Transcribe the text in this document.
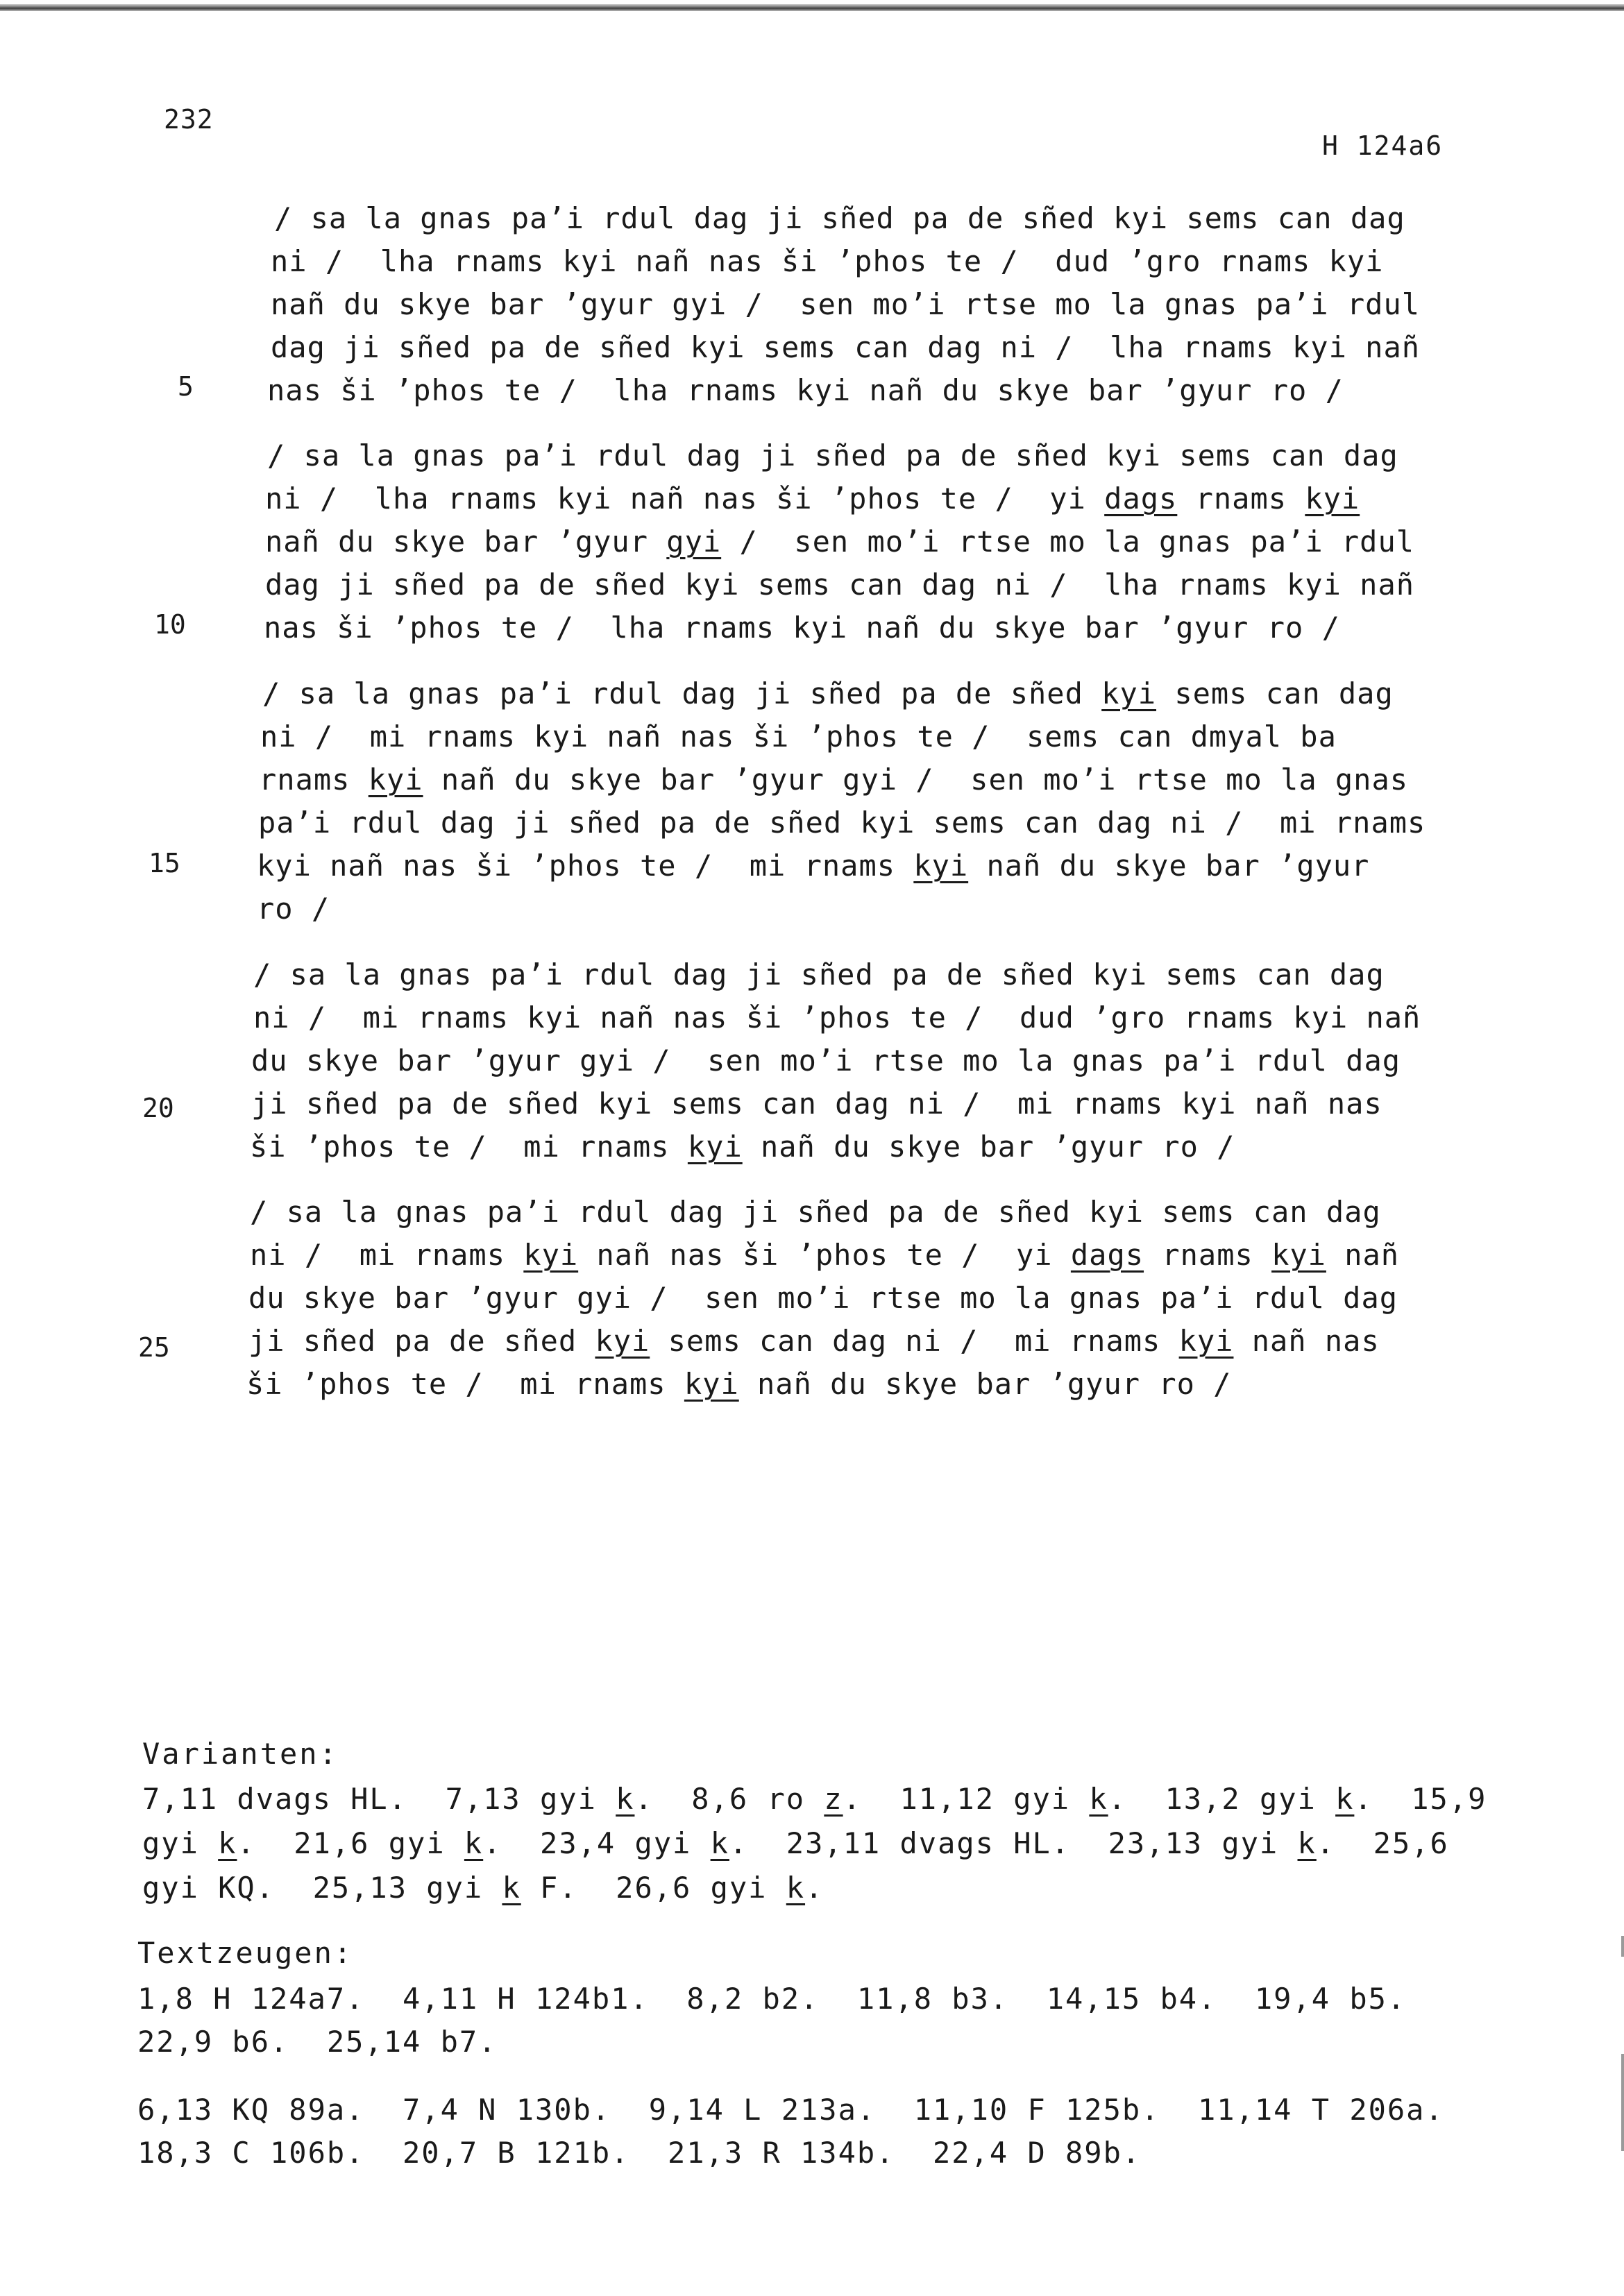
232
H 124a6
5
10
15
20
25
/ sa la gnas pa’i rdul dag ji sñed pa de sñed kyi sems can dag
ni /  lha rnams kyi nañ nas ši ’phos te /  dud ’gro rnams kyi
nañ du skye bar ’gyur gyi /  sen mo’i rtse mo la gnas pa’i rdul
dag ji sñed pa de sñed kyi sems can dag ni /  lha rnams kyi nañ
nas ši ’phos te /  lha rnams kyi nañ du skye bar ’gyur ro /
/ sa la gnas pa’i rdul dag ji sñed pa de sñed kyi sems can dag
ni /  lha rnams kyi nañ nas ši ’phos te /  yi dags rnams kyi
nañ du skye bar ’gyur gyi /  sen mo’i rtse mo la gnas pa’i rdul
dag ji sñed pa de sñed kyi sems can dag ni /  lha rnams kyi nañ
nas ši ’phos te /  lha rnams kyi nañ du skye bar ’gyur ro /
/ sa la gnas pa’i rdul dag ji sñed pa de sñed kyi sems can dag
ni /  mi rnams kyi nañ nas ši ’phos te /  sems can dmyal ba
rnams kyi nañ du skye bar ’gyur gyi /  sen mo’i rtse mo la gnas
pa’i rdul dag ji sñed pa de sñed kyi sems can dag ni /  mi rnams
kyi nañ nas ši ’phos te /  mi rnams kyi nañ du skye bar ’gyur
ro /
/ sa la gnas pa’i rdul dag ji sñed pa de sñed kyi sems can dag
ni /  mi rnams kyi nañ nas ši ’phos te /  dud ’gro rnams kyi nañ
du skye bar ’gyur gyi /  sen mo’i rtse mo la gnas pa’i rdul dag
ji sñed pa de sñed kyi sems can dag ni /  mi rnams kyi nañ nas
ši ’phos te /  mi rnams kyi nañ du skye bar ’gyur ro /
/ sa la gnas pa’i rdul dag ji sñed pa de sñed kyi sems can dag
ni /  mi rnams kyi nañ nas ši ’phos te /  yi dags rnams kyi nañ
du skye bar ’gyur gyi /  sen mo’i rtse mo la gnas pa’i rdul dag
ji sñed pa de sñed kyi sems can dag ni /  mi rnams kyi nañ nas
ši ’phos te /  mi rnams kyi nañ du skye bar ’gyur ro /
Varianten:
7,11 dvags HL.  7,13 gyi k.  8,6 ro z.  11,12 gyi k.  13,2 gyi k.  15,9
gyi k.  21,6 gyi k.  23,4 gyi k.  23,11 dvags HL.  23,13 gyi k.  25,6
gyi KQ.  25,13 gyi k F.  26,6 gyi k.
Textzeugen:
1,8 H 124a7.  4,11 H 124b1.  8,2 b2.  11,8 b3.  14,15 b4.  19,4 b5.
22,9 b6.  25,14 b7.
6,13 KQ 89a.  7,4 N 130b.  9,14 L 213a.  11,10 F 125b.  11,14 T 206a.
18,3 C 106b.  20,7 B 121b.  21,3 R 134b.  22,4 D 89b.
